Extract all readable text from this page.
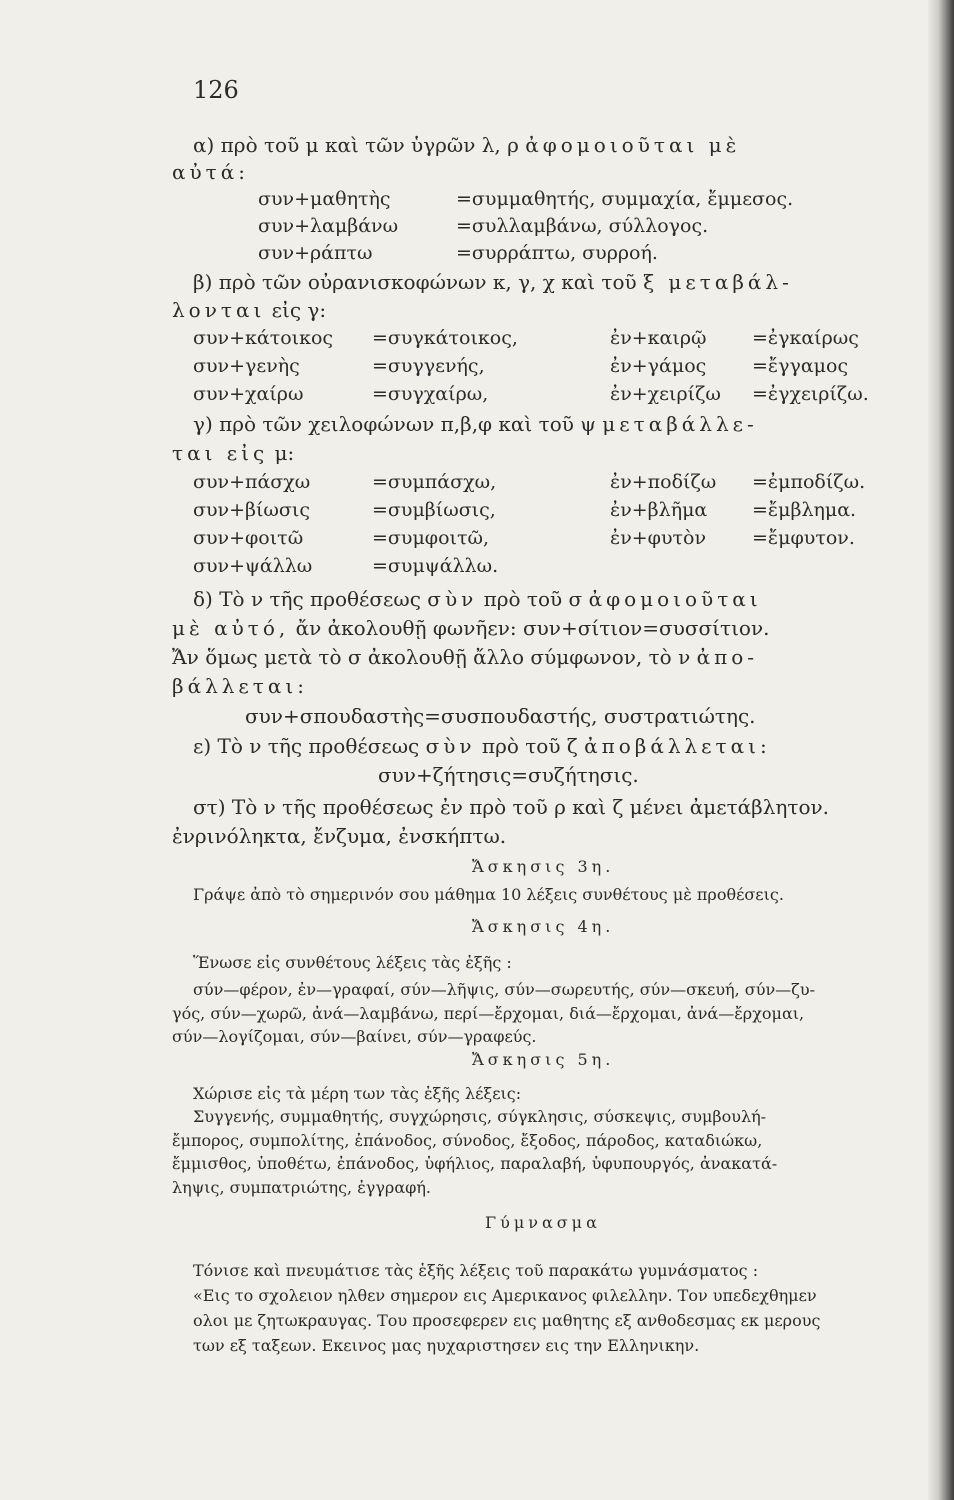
126
α) πρὸ τοῦ μ καὶ τῶν ὑγρῶν λ, ρ ἀφομοιοῦται μὲ
αὐτά:
συν+μαθητὴς	=συμμαθητής, συμμαχία, ἔμμεσος.
συν+λαμβάνω	=συλλαμβάνω, σύλλογος.
συν+ράπτω	=συρράπτω, συρροή.
β) πρὸ τῶν οὐρανισκοφώνων κ, γ, χ καὶ τοῦ ξ μεταβάλ-
λονται εἰς γ:
συν+κάτοικος =συγκάτοικος,	ἐν+καιρῷ =ἐγκαίρως
συν+γενὴς	=συγγενής,	ἐν+γάμος =ἔγγαμος
συν+χαίρω	=συγχαίρω,	ἐν+χειρίζω =ἐγχειρίζω.
γ) πρὸ τῶν χειλοφώνων π,β,φ καὶ τοῦ ψ μεταβάλλε-
ται εἰς μ:
συν+πάσχω	=συμπάσχω,	ἐν+ποδίζω =ἐμποδίζω.
συν+βίωσις	=συμβίωσις,	ἐν+βλῆμα =ἔμβλημα.
συν+φοιτῶ	=συμφοιτῶ,	ἐν+φυτὸν =ἔμφυτον.
συν+ψάλλω	=συμψάλλω.
δ) Τὸ ν τῆς προθέσεως σὺν πρὸ τοῦ σ ἀφομοιοῦται
μὲ αὐτό, ἄν ἀκολουθῇ φωνῆεν: συν+σίτιον=συσσίτιον.
Ἄν ὅμως μετὰ τὸ σ ἀκολουθῇ ἄλλο σύμφωνον, τὸ ν ἀπο-
βάλλεται:
συν+σπουδαστὴς=συσπουδαστής, συστρατιώτης.
ε) Τὸ ν τῆς προθέσεως σὺν πρὸ τοῦ ζ ἀποβάλλεται:
συν+ζήτησις=συζήτησις.
στ) Τὸ ν τῆς προθέσεως ἐν πρὸ τοῦ ρ καὶ ζ μένει ἀμετάβλητον.
ἐνρινόληκτα, ἔνζυμα, ἐνσκήπτω.
Ἄσκησις 3η.
Γράψε ἀπὸ τὸ σημερινόν σου μάθημα 10 λέξεις συνθέτους μὲ προθέσεις.
Ἄσκησις 4η.
Ἕνωσε εἰς συνθέτους λέξεις τὰς ἑξῆς :
σύν—φέρον, ἐν—γραφαί, σύν—λῆψις, σύν—σωρευτής, σύν—σκευή, σύν—ζυ-
γός, σύν—χωρῶ, ἀνά—λαμβάνω, περί—ἔρχομαι, διά—ἔρχομαι, ἀνά—ἔρχομαι,
σύν—λογίζομαι, σύν—βαίνει, σύν—γραφεύς.
Ἄσκησις 5η.
Χώρισε εἰς τὰ μέρη των τὰς ἑξῆς λέξεις:
Συγγενής, συμμαθητής, συγχώρησις, σύγκλησις, σύσκεψις, συμβουλή-
ἔμπορος, συμπολίτης, ἐπάνοδος, σύνοδος, ἔξοδος, πάροδος, καταδιώκω,
ἔμμισθος, ὑποθέτω, ἐπάνοδος, ὑφήλιος, παραλαβή, ὑφυπουργός, ἀνακατά-
ληψις, συμπατριώτης, ἐγγραφή.
Γύμνασμα
Τόνισε καὶ πνευμάτισε τὰς ἑξῆς λέξεις τοῦ παρακάτω γυμνάσματος :
«Εις το σχολειον ηλθεν σημερον εις Αμερικανος φιλελλην. Τον υπεδεχθημεν
ολοι με ζητωκραυγας. Του προσεφερεν εις μαθητης εξ ανθοδεσμας εκ μερους
των εξ ταξεων. Εκεινος μας ηυχαριστησεν εις την Ελληνικην.
